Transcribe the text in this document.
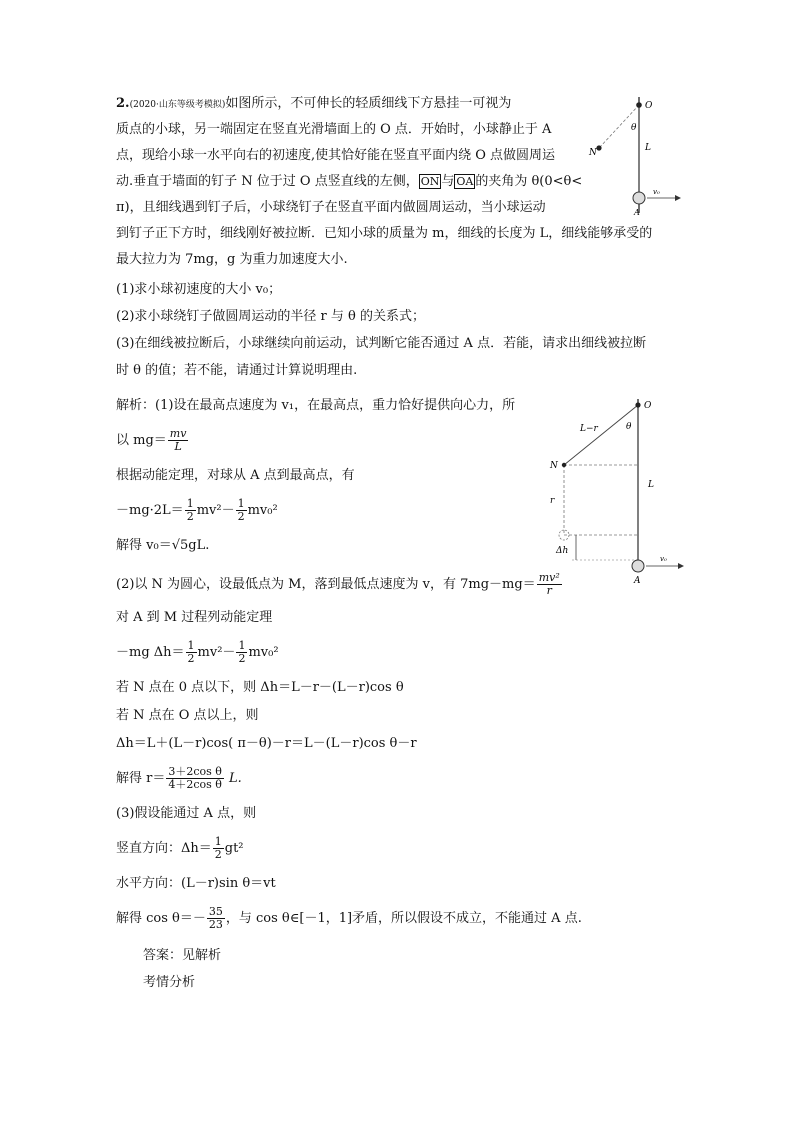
2.(2020·山东等级考模拟)如图所示，不可伸长的轻质细线下方悬挂一可视为
质点的小球，另一端固定在竖直光滑墙面上的 O 点．开始时，小球静止于 A
点，现给小球一水平向右的初速度,使其恰好能在竖直平面内绕 O 点做圆周运
动.垂直于墙面的钉子 N 位于过 O 点竖直线的左侧， ON 与 OA 的夹角为 θ(0<θ<
π)，且细线遇到钉子后，小球绕钉子在竖直平面内做圆周运动，当小球运动
到钉子正下方时，细线刚好被拉断．已知小球的质量为 m，细线的长度为 L，细线能够承受的
最大拉力为 7mg，g 为重力加速度大小.
(1)求小球初速度的大小 v₀；
(2)求小球绕钉子做圆周运动的半径 r 与 θ 的关系式；
(3)在细线被拉断后，小球继续向前运动，试判断它能否通过 A 点．若能，请求出细线被拉断
时 θ 的值；若不能，请通过计算说明理由.
O
N
θ
L
A
v₀
解析：(1)设在最高点速度为 v₁，在最高点，重力恰好提供向心力，所
以 $mg= \frac{mv}{L}$
根据动能定理，对球从 A 点到最高点，有
$-mg\cdot 2L= \frac{1}{2} mv^2- \frac{1}{2} mv_0^2$
解得 v₀＝√5gL.
(2)以 N 为圆心，设最低点为 M，落到最低点速度为 v，有 $7mg-mg= \frac{\text{mv²}}{r}$
对 A 到 M 过程列动能定理
－mg $\Delta h= \frac{1}{2} mv^2- \frac{1}{2} mv_0^2$
若 N 点在 0 点以下，则 Δh＝L－r－(L－r)cos θ
若 N 点在 O 点以上，则
Δh＝L＋(L－r)cos( π－θ)－r＝L－(L－r)cos θ－r
解得 $r= \frac{\text{3＋2cos θ}}{\text{4＋2cos θ}} L$.
(3)假设能通过 A 点，则
竖直方向：$\Delta h= \frac{1}{2} gt^2$
水平方向：(L－r)sin θ＝vt
解得 $\cos \theta=- \frac{35}{23}$ ，与 cos θ∈[－1，1]矛盾，所以假设不成立，不能通过 A 点.
答案：见解析
考情分析
O
N
L−r	θ
r
L
Δh
A
v₀
